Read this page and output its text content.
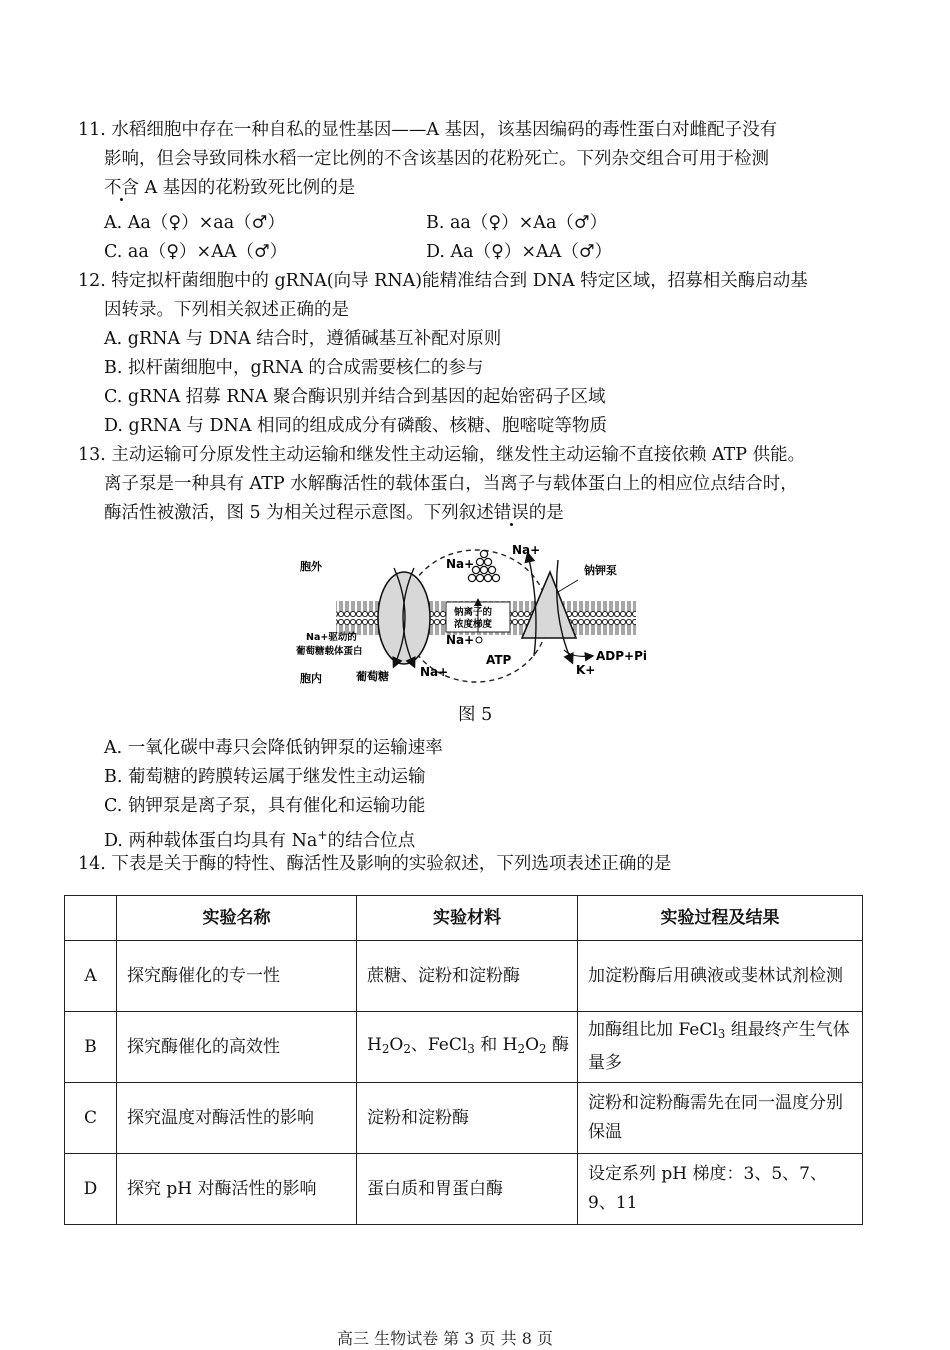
11. 水稻细胞中存在一种自私的显性基因——A 基因，该基因编码的毒性蛋白对雌配子没有
影响，但会导致同株水稻一定比例的不含该基因的花粉死亡。下列杂交组合可用于检测
不含 A 基因的花粉致死比例的是
A. Aa（♀）×aa（♂）	B. aa（♀）×Aa（♂）
C. aa（♀）×AA（♂）	D. Aa（♀）×AA（♂）
12. 特定拟杆菌细胞中的 gRNA(向导 RNA)能精准结合到 DNA 特定区域，招募相关酶启动基
因转录。下列相关叙述正确的是
A. gRNA 与 DNA 结合时，遵循碱基互补配对原则
B. 拟杆菌细胞中，gRNA 的合成需要核仁的参与
C. gRNA 招募 RNA 聚合酶识别并结合到基因的起始密码子区域
D. gRNA 与 DNA 相同的组成成分有磷酸、核糖、胞嘧啶等物质
13. 主动运输可分原发性主动运输和继发性主动运输，继发性主动运输不直接依赖 ATP 供能。
离子泵是一种具有 ATP 水解酶活性的载体蛋白，当离子与载体蛋白上的相应位点结合时，
酶活性被激活，图 5 为相关过程示意图。下列叙述错误的是
胞外
胞内
Na+
Na+
钠离子的
浓度梯度
Na+
Na+
钠钾泵
Na+驱动的
葡萄糖载体蛋白
葡萄糖
ATP	ADP+Pi
K+
图 5
A. 一氧化碳中毒只会降低钠钾泵的运输速率
B. 葡萄糖的跨膜转运属于继发性主动运输
C. 钠钾泵是离子泵，具有催化和运输功能
D. 两种载体蛋白均具有 Na+的结合位点
14. 下表是关于酶的特性、酶活性及影响的实验叙述，下列选项表述正确的是
	实验名称	实验材料	实验过程及结果
A	探究酶催化的专一性	蔗糖、淀粉和淀粉酶	加淀粉酶后用碘液或斐林试剂检测
B	探究酶催化的高效性	$H_2O_2$、FeCl$_3$ 和 $H_2O_2$ 酶	加酶组比加 FeCl$_3$ 组最终产生气体量多
C	探究温度对酶活性的影响	淀粉和淀粉酶	淀粉和淀粉酶需先在同一温度分别保温
D	探究 pH 对酶活性的影响	蛋白质和胃蛋白酶	设定系列 pH 梯度：3、5、7、9、11
高三 生物试卷 第 3 页 共 8 页
